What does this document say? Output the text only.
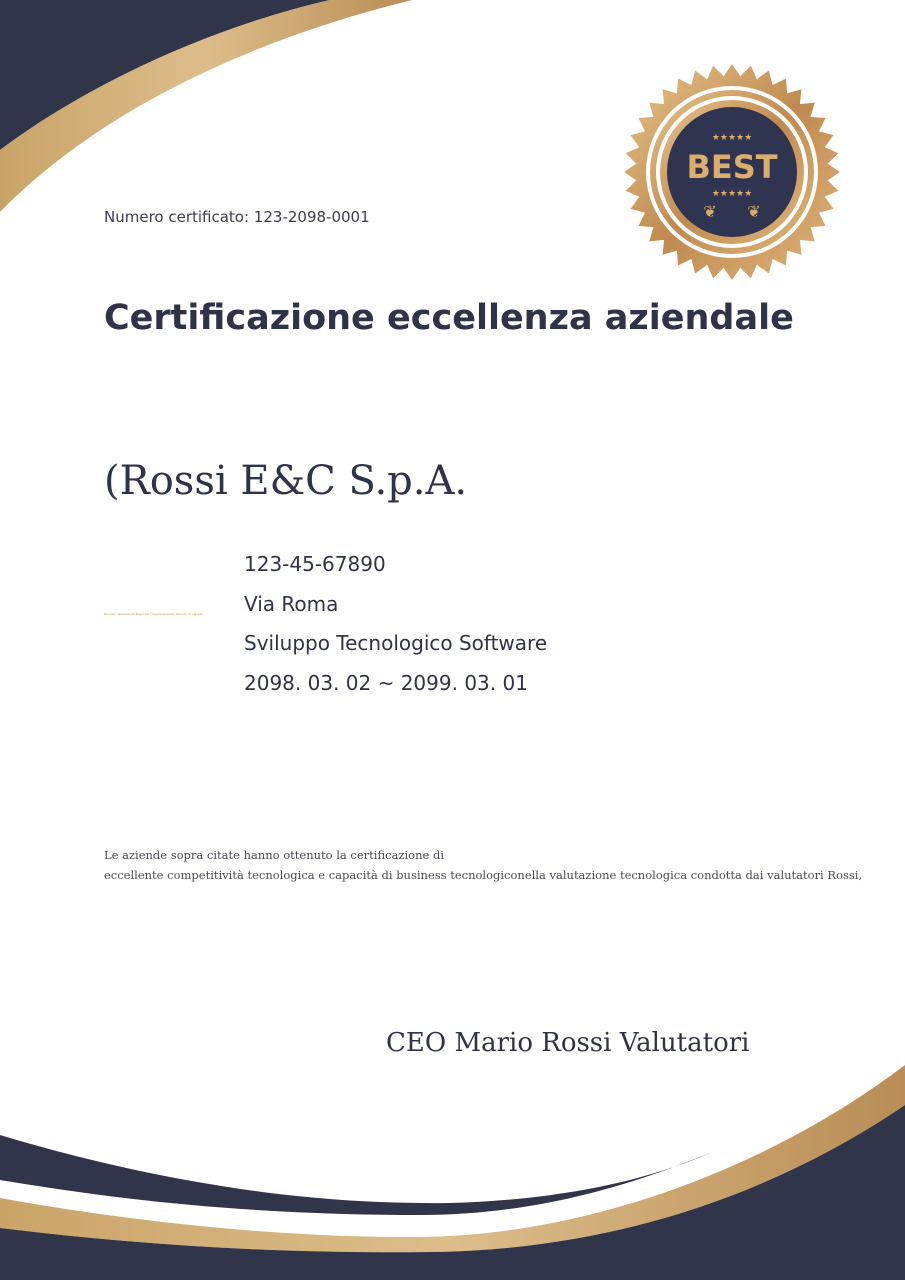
★★★★★
BEST
★★★★★
❦ ❦
Numero certificato: 123-2098-0001
Certificazione eccellenza aziendale
(Rossi E&C S.p.A.
Numero dell'azienda Rossi per l'aggiornamento Periodo di validità
123-45-67890
Via Roma
Sviluppo Tecnologico Software
2098. 03. 02 ~ 2099. 03. 01
Le aziende sopra citate hanno ottenuto la certificazione di
eccellente competitività tecnologica e capacità di business tecnologiconella valutazione tecnologica condotta dai valutatori Rossi,
CEO Mario Rossi Valutatori
